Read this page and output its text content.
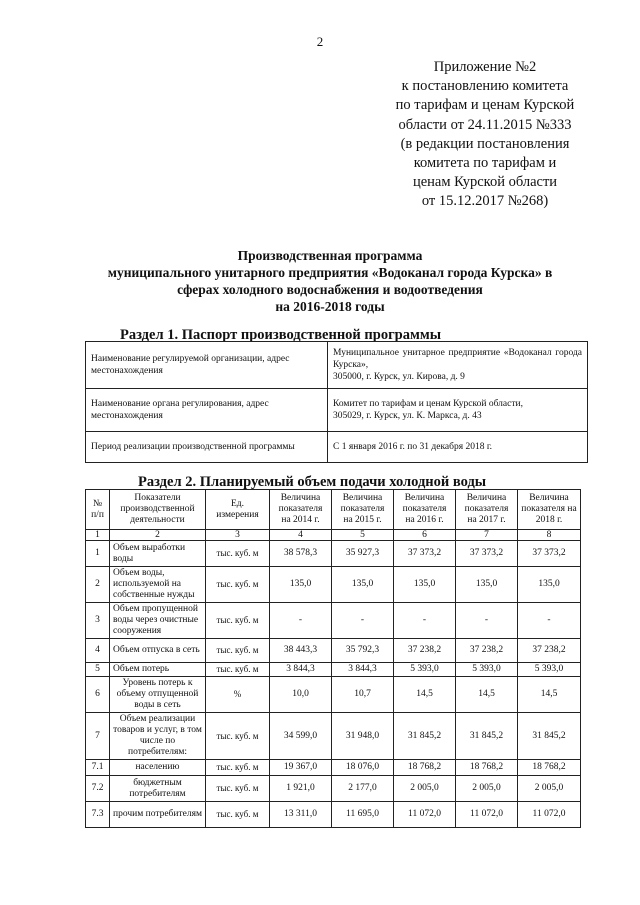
2
Приложение №2
к постановлению комитета
по тарифам и ценам Курской
области от 24.11.2015 №333
(в редакции постановления
комитета по тарифам и
ценам Курской области
от 15.12.2017 №268)
Производственная программа
муниципального унитарного предприятия «Водоканал города Курска» в
сферах холодного водоснабжения и водоотведения
на 2016-2018 годы
Раздел 1. Паспорт производственной программы
Наименование регулируемой организации, адрес местонахождения	Муниципальное унитарное предприятие «Водоканал города Курска»,
305000, г. Курск, ул. Кирова, д. 9

Наименование органа регулирования, адрес местонахождения	Комитет по тарифам и ценам Курской области,
305029, г. Курск, ул. К. Маркса, д. 43

Период реализации производственной программы	С 1 января 2016 г. по 31 декабря 2018 г.
Раздел 2. Планируемый объем подачи холодной воды
№ п/п	Показатели производственной деятельности	Ед. измерения	Величина показателя на 2014 г.	Величина показателя на 2015 г.	Величина показателя на 2016 г.	Величина показателя на 2017 г.	Величина показателя на 2018 г.
1	2	3	4	5	6	7	8
1	Объем выработки воды	тыс. куб. м	38 578,3	35 927,3	37 373,2	37 373,2	37 373,2
2	Объем воды, используемой на собственные нужды	тыс. куб. м	135,0	135,0	135,0	135,0	135,0
3	Объем пропущенной воды через очистные сооружения	тыс. куб. м	-	-	-	-	-
4	Объем отпуска в сеть	тыс. куб. м	38 443,3	35 792,3	37 238,2	37 238,2	37 238,2
5	Объем потерь	тыс. куб. м	3 844,3	3 844,3	5 393,0	5 393,0	5 393,0
6	Уровень потерь к объему отпущенной воды в сеть	%	10,0	10,7	14,5	14,5	14,5
7	Объем реализации товаров и услуг, в том числе по потребителям:	тыс. куб. м	34 599,0	31 948,0	31 845,2	31 845,2	31 845,2
7.1	населению	тыс. куб. м	19 367,0	18 076,0	18 768,2	18 768,2	18 768,2
7.2	бюджетным потребителям	тыс. куб. м	1 921,0	2 177,0	2 005,0	2 005,0	2 005,0
7.3	прочим потребителям	тыс. куб. м	13 311,0	11 695,0	11 072,0	11 072,0	11 072,0
